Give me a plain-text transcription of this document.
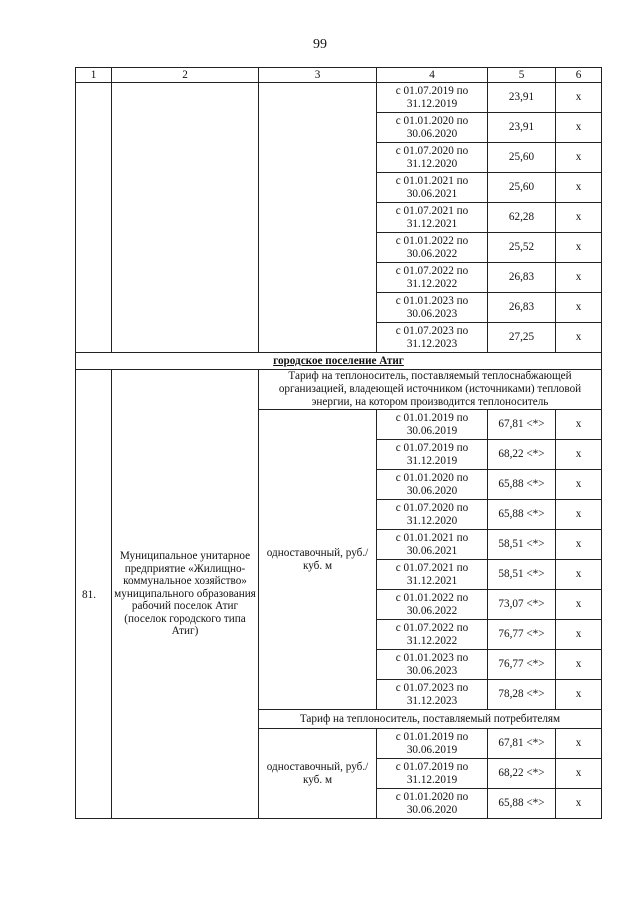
99
1	2	3	4	5	6
			с 01.07.2019 по 31.12.2019	23,91	х
			с 01.01.2020 по 30.06.2020	23,91	х
			с 01.07.2020 по 31.12.2020	25,60	х
			с 01.01.2021 по 30.06.2021	25,60	х
			с 01.07.2021 по 31.12.2021	62,28	х
			с 01.01.2022 по 30.06.2022	25,52	х
			с 01.07.2022 по 31.12.2022	26,83	х
			с 01.01.2023 по 30.06.2023	26,83	х
			с 01.07.2023 по 31.12.2023	27,25	х
городское поселение Атиг					
81.	Муниципальное унитарное предприятие «Жилищно-коммунальное хозяйство» муниципального образования рабочий поселок Атиг (поселок городского типа Атиг)	Тариф на теплоноситель, поставляемый теплоснабжающей организацией, владеющей источником (источниками) тепловой энергии, на котором производится теплоноситель			
		одноставочный, руб./куб. м	с 01.01.2019 по 30.06.2019	67,81 <*>	х
			с 01.07.2019 по 31.12.2019	68,22 <*>	х
			с 01.01.2020 по 30.06.2020	65,88 <*>	х
			с 01.07.2020 по 31.12.2020	65,88 <*>	х
			с 01.01.2021 по 30.06.2021	58,51 <*>	х
			с 01.07.2021 по 31.12.2021	58,51 <*>	х
			с 01.01.2022 по 30.06.2022	73,07 <*>	х
			с 01.07.2022 по 31.12.2022	76,77 <*>	х
			с 01.01.2023 по 30.06.2023	76,77 <*>	х
			с 01.07.2023 по 31.12.2023	78,28 <*>	х
		Тариф на теплоноситель, поставляемый потребителям			
		одноставочный, руб./куб. м	с 01.01.2019 по 30.06.2019	67,81 <*>	х
			с 01.07.2019 по 31.12.2019	68,22 <*>	х
			с 01.01.2020 по 30.06.2020	65,88 <*>	х
